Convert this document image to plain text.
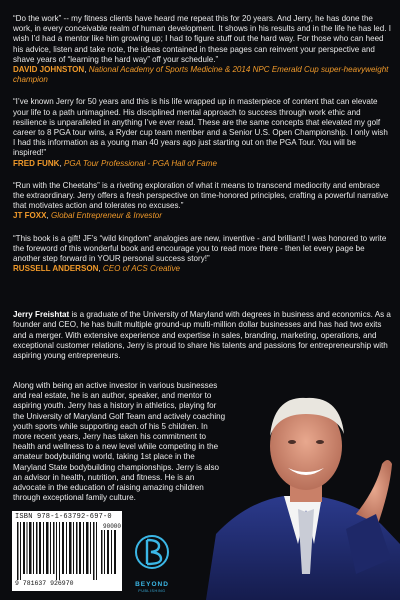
“Do the work” -- my fitness clients have heard me repeat this for 20 years. And Jerry, he has done the work, in every conceivable realm of human development. It shows in his results and in the life he has led. I wish I’d had a mentor like him growing up; I had to figure stuff out the hard way. For those who can heed his advice, listen and take note, the ideas contained in these pages can reinvent your perspective and shave years of “learning the hard way” off your schedule.”

DAVID JOHNSTON, National Academy of Sports Medicine & 2014 NPC Emerald Cup super-heavyweight champion

“I’ve known Jerry for 50 years and this is his life wrapped up in masterpiece of content that can elevate your life to a path unimagined. His disciplined mental approach to success through work ethic and resilience is unparalleled in anything I’ve ever read. These are the same concepts that elevated my golf career to 8 PGA tour wins, a Ryder cup team member and a Senior U.S. Open Championship. I only wish I had this information as a young man 40 years ago just starting out on the PGA Tour. You will be inspired!”

FRED FUNK, PGA Tour Professional - PGA Hall of Fame

“Run with the Cheetahs” is a riveting exploration of what it means to transcend mediocrity and embrace the extraordinary. Jerry offers a fresh perspective on time-honored principles, crafting a powerful narrative that motivates action and tolerates no excuses.”

JT FOXX, Global Entrepreneur & Investor

“This book is a gift! JF’s “wild kingdom” analogies are new, inventive - and brilliant! I was honored to write the foreword of this wonderful book and encourage you to read more there - then let every page be another step forward in YOUR personal success story!”

RUSSELL ANDERSON, CEO of ACS Creative

Jerry Freishtat is a graduate of the University of Maryland with degrees in business and economics. As a founder and CEO, he has built multiple ground-up multi-million dollar businesses and has had two exits and a merger. With extensive experience and expertise in sales, branding, marketing, operations, and exceptional customer relations, Jerry is proud to share his talents and passions for entrepreneurship with aspiring young entrepreneurs.

Along with being an active investor in various businesses and real estate, he is an author, speaker, and mentor to aspiring youth. Jerry has a history in athletics, playing for the University of Maryland Golf Team and actively coaching youth sports while supporting each of his 5 children. In more recent years, Jerry has taken his commitment to health and wellness to a new level while competing in the amateur bodybuilding world, taking 1st place in the Maryland State bodybuilding championships. Jerry is also an advisor in health, nutrition, and fitness. He is an advocate in the education of raising amazing children through exceptional family culture.

ISBN 978-1-63792-697-0
90000
9 781637 926970	BEYOND
PUBLISHING
